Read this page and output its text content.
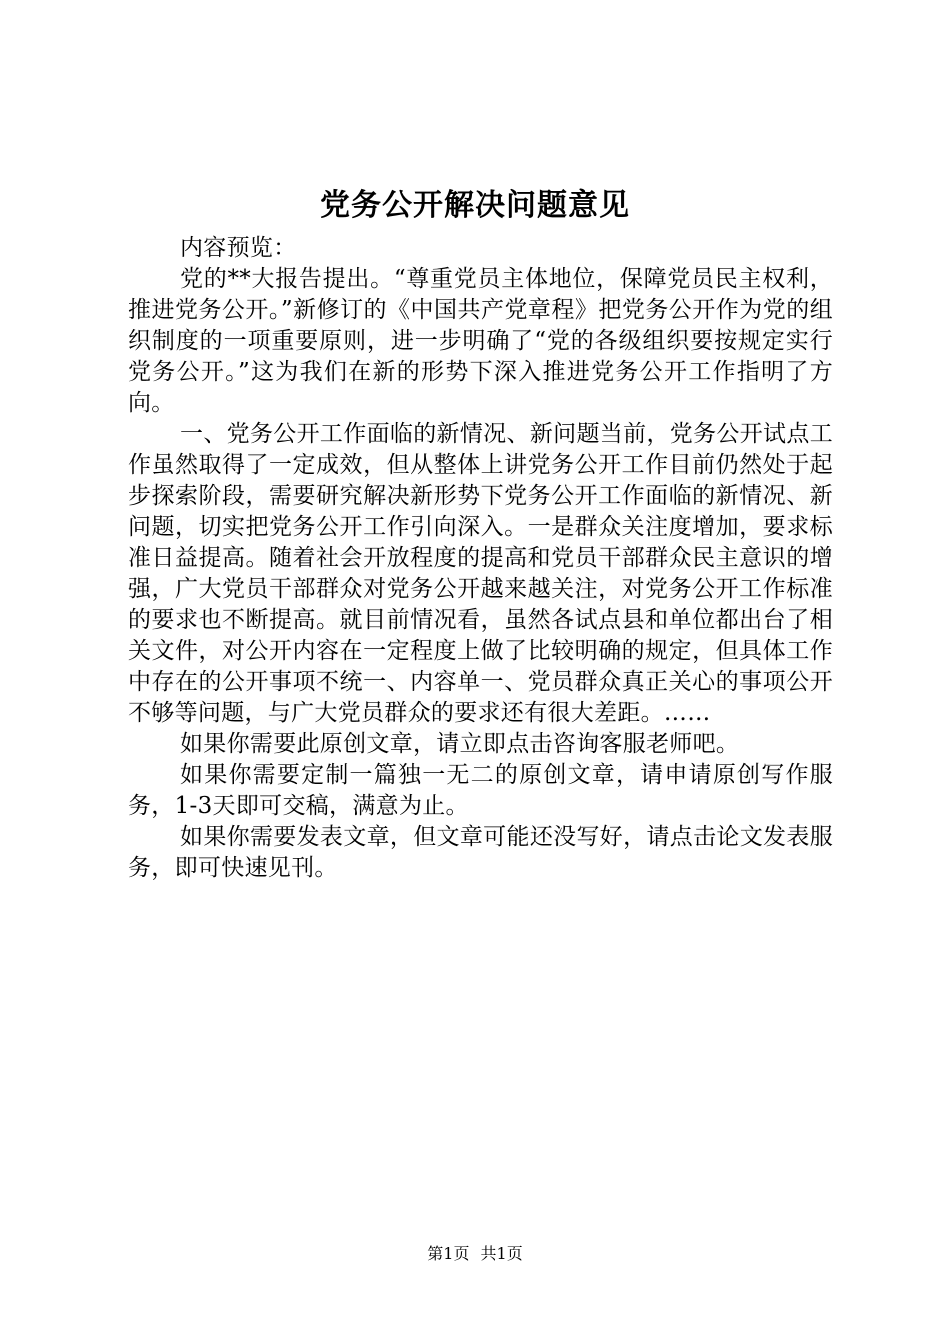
党务公开解决问题意见

内容预览：

党的**大报告提出。“尊重党员主体地位，保障党员民主权利，推进党务公开。”新修订的《中国共产党章程》把党务公开作为党的组织制度的一项重要原则，进一步明确了“党的各级组织要按规定实行党务公开。”这为我们在新的形势下深入推进党务公开工作指明了方向。

一、党务公开工作面临的新情况、新问题当前，党务公开试点工作虽然取得了一定成效，但从整体上讲党务公开工作目前仍然处于起步探索阶段，需要研究解决新形势下党务公开工作面临的新情况、新问题，切实把党务公开工作引向深入。一是群众关注度增加，要求标准日益提高。随着社会开放程度的提高和党员干部群众民主意识的增强，广大党员干部群众对党务公开越来越关注，对党务公开工作标准的要求也不断提高。就目前情况看，虽然各试点县和单位都出台了相关文件，对公开内容在一定程度上做了比较明确的规定，但具体工作中存在的公开事项不统一、内容单一、党员群众真正关心的事项公开不够等问题，与广大党员群众的要求还有很大差距。……

如果你需要此原创文章，请立即点击咨询客服老师吧。

如果你需要定制一篇独一无二的原创文章，请申请原创写作服务，1-3天即可交稿，满意为止。

如果你需要发表文章，但文章可能还没写好，请点击论文发表服务，即可快速见刊。

第1页 共1页
